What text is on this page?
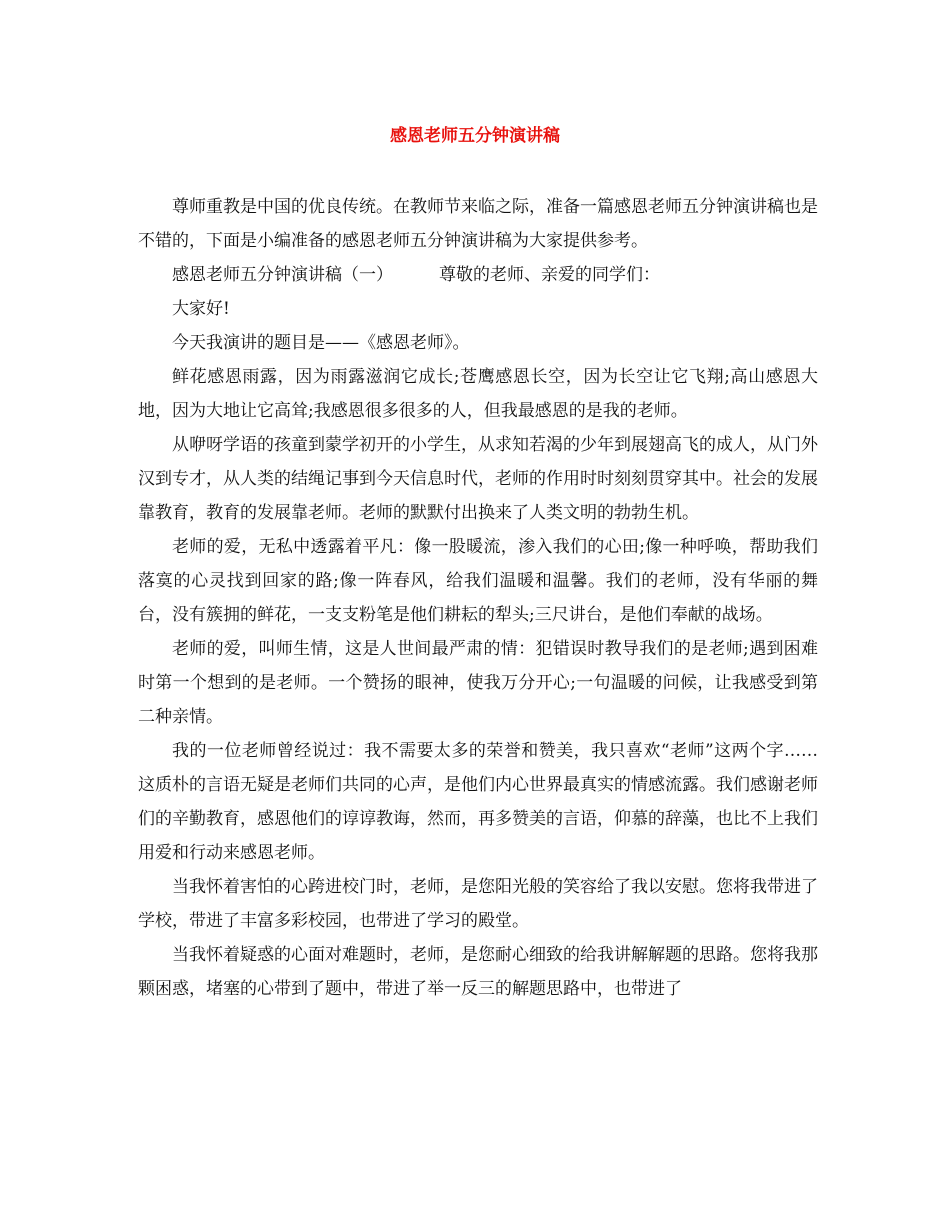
感恩老师五分钟演讲稿

尊师重教是中国的优良传统。在教师节来临之际，准备一篇感恩老师五分钟演讲稿也是不错的，下面是小编准备的感恩老师五分钟演讲稿为大家提供参考。

感恩老师五分钟演讲稿（一）	尊敬的老师、亲爱的同学们：

大家好!

今天我演讲的题目是——《感恩老师》。

鲜花感恩雨露，因为雨露滋润它成长;苍鹰感恩长空，因为长空让它飞翔;高山感恩大地，因为大地让它高耸;我感恩很多很多的人，但我最感恩的是我的老师。

从咿呀学语的孩童到蒙学初开的小学生，从求知若渴的少年到展翅高飞的成人，从门外汉到专才，从人类的结绳记事到今天信息时代，老师的作用时时刻刻贯穿其中。社会的发展靠教育，教育的发展靠老师。老师的默默付出换来了人类文明的勃勃生机。

老师的爱，无私中透露着平凡：像一股暖流，渗入我们的心田;像一种呼唤，帮助我们落寞的心灵找到回家的路;像一阵春风，给我们温暖和温馨。我们的老师，没有华丽的舞台，没有簇拥的鲜花，一支支粉笔是他们耕耘的犁头;三尺讲台，是他们奉献的战场。

老师的爱，叫师生情，这是人世间最严肃的情：犯错误时教导我们的是老师;遇到困难时第一个想到的是老师。一个赞扬的眼神，使我万分开心;一句温暖的问候，让我感受到第二种亲情。

我的一位老师曾经说过：我不需要太多的荣誉和赞美，我只喜欢“老师”这两个字……这质朴的言语无疑是老师们共同的心声，是他们内心世界最真实的情感流露。我们感谢老师们的辛勤教育，感恩他们的谆谆教诲，然而，再多赞美的言语，仰慕的辞藻，也比不上我们用爱和行动来感恩老师。

当我怀着害怕的心跨进校门时，老师，是您阳光般的笑容给了我以安慰。您将我带进了学校，带进了丰富多彩校园，也带进了学习的殿堂。

当我怀着疑惑的心面对难题时，老师，是您耐心细致的给我讲解解题的思路。您将我那颗困惑，堵塞的心带到了题中，带进了举一反三的解题思路中，也带进了
